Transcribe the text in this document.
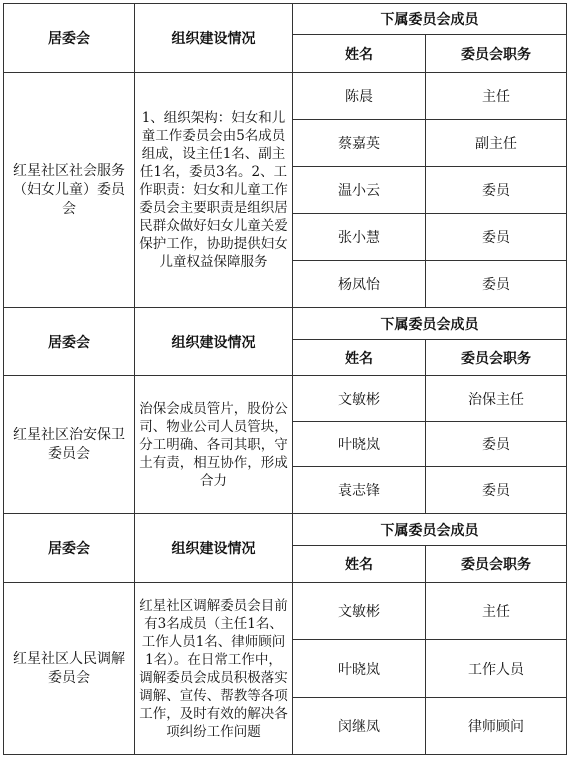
居委会	组织建设情况	下属委员会成员	
		姓名	委员会职务
红星社区社会服务（妇女儿童）委员会	1、组织架构：妇女和儿童工作委员会由5名成员组成，设主任1名、副主任1名，委员3名。2、工作职责：妇女和儿童工作委员会主要职责是组织居民群众做好妇女儿童关爱保护工作，协助提供妇女儿童权益保障服务	陈晨	主任
		蔡嘉英	副主任
		温小云	委员
		张小慧	委员
		杨凤怡	委员
居委会	组织建设情况	下属委员会成员	
		姓名	委员会职务
红星社区治安保卫委员会	治保会成员管片，股份公司、物业公司人员管块，分工明确、各司其职，守土有责，相互协作，形成合力	文敏彬	治保主任
		叶晓岚	委员
		袁志锋	委员
居委会	组织建设情况	下属委员会成员	
		姓名	委员会职务
红星社区人民调解委员会	红星社区调解委员会目前有3名成员（主任1名、工作人员1名、律师顾问1名）。在日常工作中，调解委员会成员积极落实调解、宣传、帮教等各项工作，及时有效的解决各项纠纷工作问题	文敏彬	主任
		叶晓岚	工作人员
		闵继凤	律师顾问
